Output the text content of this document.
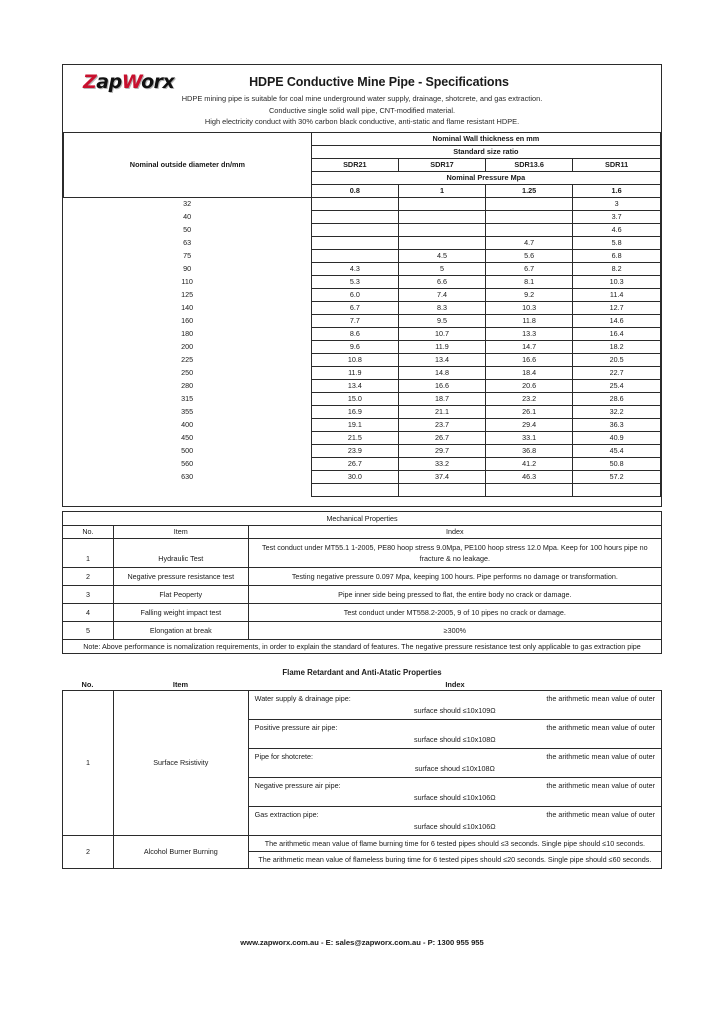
ZapWorx	HDPE Conductive Mine Pipe - Specifications
HDPE mining pipe is suitable for coal mine underground water supply, drainage, shotcrete, and gas extraction.
Conductive single solid wall pipe, CNT-modified material.
High electricity conduct with 30% carbon black conductive, anti-static and flame resistant HDPE.
Nominal outside diameter dn/mm	Nominal Wall thickness en mm			
	Standard size ratio			
	SDR21	SDR17	SDR13.6	SDR11
	Nominal Pressure Mpa			
	0.8	1	1.25	1.6
32				3
40				3.7
50				4.6
63			4.7	5.8
75		4.5	5.6	6.8
90	4.3	5	6.7	8.2
110	5.3	6.6	8.1	10.3
125	6.0	7.4	9.2	11.4
140	6.7	8.3	10.3	12.7
160	7.7	9.5	11.8	14.6
180	8.6	10.7	13.3	16.4
200	9.6	11.9	14.7	18.2
225	10.8	13.4	16.6	20.5
250	11.9	14.8	18.4	22.7
280	13.4	16.6	20.6	25.4
315	15.0	18.7	23.2	28.6
355	16.9	21.1	26.1	32.2
400	19.1	23.7	29.4	36.3
450	21.5	26.7	33.1	40.9
500	23.9	29.7	36.8	45.4
560	26.7	33.2	41.2	50.8
630	30.0	37.4	46.3	57.2

Mechanical Properties		
No.	Item	Index
1	Hydraulic Test	Test conduct under MT55.1 1-2005, PE80 hoop stress 9.0Mpa, PE100 hoop stress 12.0 Mpa. Keep for 100 hours pipe no fracture & no leakage.
2	Negative pressure resistance test	Testing negative pressure 0.097 Mpa, keeping 100 hours. Pipe performs no damage or transformation.
3	Flat Peoperty	Pipe inner side being pressed to flat, the entire body no crack or damage.
4	Falling weight impact test	Test conduct under MT558.2-2005, 9 of 10 pipes no crack or damage.
5	Elongation at break	≥300%
Note: Above performance is nomalization requirements, in order to explain the standard of features. The negative pressure resistance test only applicable to gas extraction pipe		
Flame Retardant and Anti-Atatic Properties
No.	Item	Index
1	Surface Rsistivity	Water supply & drainage pipe: the arithmetic mean value of outer
surface should ≤10x109Ω

		Positive pressure air pipe: the arithmetic mean value of outer
surface should ≤10x108Ω

		Pipe for shotcrete: the arithmetic mean value of outer
surface shoud ≤10x108Ω

		Negative pressure air pipe: the arithmetic mean value of outer
surface should ≤10x106Ω

		Gas extraction pipe: the arithmetic mean value of outer
surface should ≤10x106Ω

2	Alcohol Burner Burning	The arithmetic mean value of flame burning time for 6 tested pipes should ≤3 seconds. Single pipe should ≤10 seconds.
		The arithmetic mean value of flameless buring time for 6 tested pipes should ≤20 seconds. Single pipe should ≤60 seconds.
www.zapworx.com.au - E: sales@zapworx.com.au - P: 1300 955 955
